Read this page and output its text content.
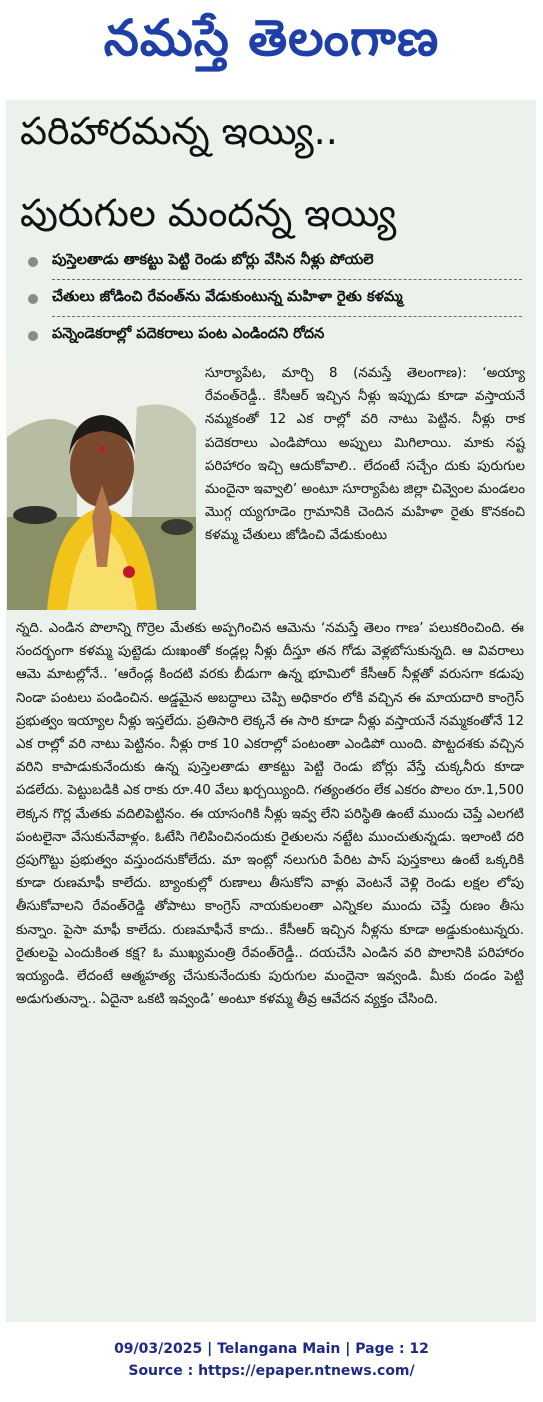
నమస్తే తెలంగాణ
పరిహారమన్న ఇయ్యి..
పురుగుల మందన్న ఇయ్యి
పుస్తెలతాడు తాకట్టు పెట్టి రెండు బోర్లు వేసిన నీళ్లు పోయలె
చేతులు జోడించి రేవంత్‌ను వేడుకుంటున్న మహిళా రైతు కళమ్మ
పన్నెండెకరాల్లో పదెకరాలు పంట ఎండిందని రోదన
సూర్యాపేట, మార్చి 8 (నమస్తే తెలంగాణ): ‘అయ్యా రేవంత్‌రెడ్డీ.. కేసీఆర్ ఇచ్చిన నీళ్లు ఇప్పుడు కూడా వస్తాయనే నమ్మకంతో 12 ఎక రాల్లో వరి నాటు పెట్టిన. నీళ్లు రాక పదెకరాలు ఎండిపోయి అప్పులు మిగిలాయి. మాకు నష్ట పరిహారం ఇచ్చి ఆదుకోవాలి.. లేదంటే సచ్చేం దుకు పురుగుల మందైనా ఇవ్వాలి’ అంటూ సూర్యాపేట జిల్లా చివ్వెంల మండలం మొగ్గ య్యగూడెం గ్రామానికి చెందిన మహిళా రైతు కొనకంచి కళమ్మ చేతులు జోడించి వేడుకుంటు
న్నది. ఎండిన పొలాన్ని గొర్రెల మేతకు అప్పగించిన ఆమెను ‘నమస్తే తెలం గాణ’ పలుకరించింది. ఈ సందర్భంగా కళమ్మ పుట్టెడు దుఃఖంతో కండ్లల్ల నీళ్లు దీస్తూ తన గోడు వెళ్లబోసుకున్నది. ఆ వివరాలు ఆమె మాటల్లోనే.. ‘ఆరేండ్ల కిందటి వరకు బీడుగా ఉన్న భూమిలో కేసీఆర్ నీళ్లతో వరుసగా కడుపు నిండా పంటలు పండించిన. అడ్డమైన అబద్ధాలు చెప్పి అధికారం లోకి వచ్చిన ఈ మాయదారి కాంగ్రెస్ ప్రభుత్వం ఇయ్యాల నీళ్లు ఇస్తలేదు. ప్రతిసారి లెక్కనే ఈ సారి కూడా నీళ్లు వస్తాయనే నమ్మకంతోనే 12 ఎక రాల్లో వరి నాటు పెట్టినం. నీళ్లు రాక 10 ఎకరాల్లో పంటంతా ఎండిపో యింది. పొట్టదశకు వచ్చిన వరిని కాపాడుకునేందుకు ఉన్న పుస్తెలతాడు తాకట్టు పెట్టి రెండు బోర్లు వేస్తే చుక్కనీరు కూడా పడలేదు. పెట్టుబడికి ఎక రాకు రూ.40 వేలు ఖర్చయ్యింది. గత్యంతరం లేక ఎకరం పొలం రూ.1,500 లెక్కన గొర్ల మేతకు వదిలిపెట్టినం. ఈ యాసంగికి నీళ్లు ఇవ్వ లేని పరిస్థితి ఉంటే ముందు చెప్తే ఎలగటి పంటలైనా వేసుకునేవాళ్లం. ఓటేసి గెలిపించినందుకు రైతులను నట్టేట ముంచుతున్నడు. ఇలాంటి దరి ద్రపుగొట్టు ప్రభుత్వం వస్తుందనుకోలేదు. మా ఇంట్లో నలుగురి పేరిట పాస్ పుస్తకాలు ఉంటే ఒక్కరికి కూడా రుణమాఫీ కాలేదు. బ్యాంకుల్లో రుణాలు తీసుకోని వాళ్లు వెంటనే వెళ్లి రెండు లక్షల లోపు తీసుకోవాలని రేవంత్‌రెడ్డి తోపాటు కాంగ్రెస్ నాయకులంతా ఎన్నికల ముందు చెప్తే రుణం తీసు కున్నాం. పైసా మాఫీ కాలేదు. రుణమాఫీనే కాదు.. కేసీఆర్ ఇచ్చిన నీళ్లను కూడా అడ్డుకుంటున్నరు. రైతులపై ఎందుకింత కక్ష? ఓ ముఖ్యమంత్రి రేవంత్‌రెడ్డీ.. దయచేసి ఎండిన వరి పొలానికి పరిహారం ఇయ్యండి. లేదంటే ఆత్మహత్య చేసుకునేందుకు పురుగుల మందైనా ఇవ్వండి. మీకు దండం పెట్టి అడుగుతున్నా.. ఏదైనా ఒకటి ఇవ్వండి’ అంటూ కళమ్మ తీవ్ర ఆవేదన వ్యక్తం చేసింది.
09/03/2025 | Telangana Main | Page : 12
Source : https://epaper.ntnews.com/
